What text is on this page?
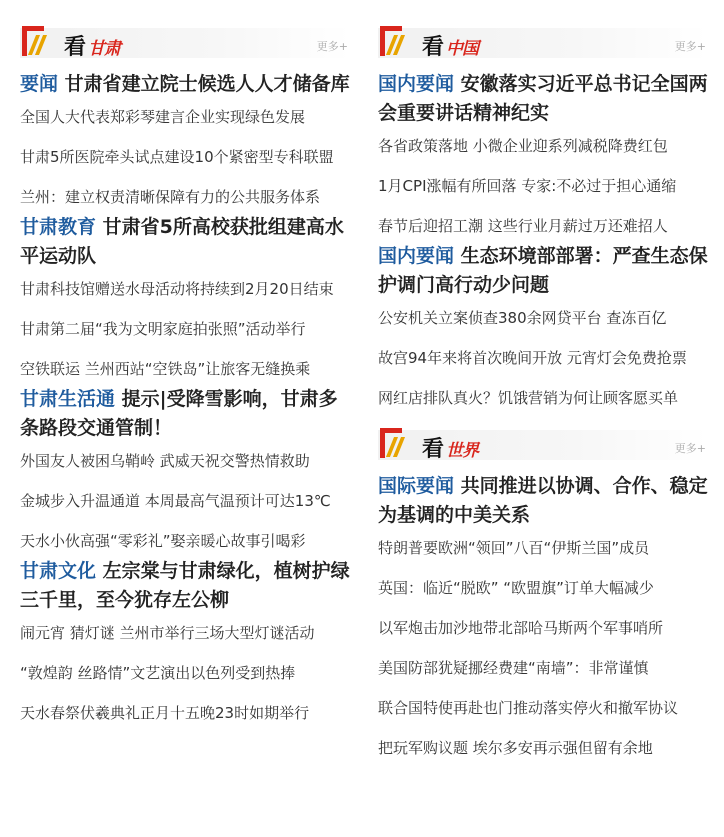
看 甘肃	更多+
要闻 甘肃省建立院士候选人人才储备库
全国人大代表郑彩琴建言企业实现绿色发展
甘肃5所医院牵头试点建设10个紧密型专科联盟
兰州：建立权责清晰保障有力的公共服务体系
甘肃教育 甘肃省5所高校获批组建高水平运动队
甘肃科技馆赠送水母活动将持续到2月20日结束
甘肃第二届“我为文明家庭拍张照”活动举行
空铁联运 兰州西站“空铁岛”让旅客无缝换乘
甘肃生活通 提示|受降雪影响，甘肃多条路段交通管制！
外国友人被困乌鞘岭 武威天祝交警热情救助
金城步入升温通道 本周最高气温预计可达13℃
天水小伙高强“零彩礼”娶亲暖心故事引喝彩
甘肃文化 左宗棠与甘肃绿化，植树护绿三千里，至今犹存左公柳
闹元宵 猜灯谜 兰州市举行三场大型灯谜活动
“敦煌韵 丝路情”文艺演出以色列受到热捧
天水春祭伏羲典礼正月十五晚23时如期举行
看 中国	更多+
国内要闻 安徽落实习近平总书记全国两会重要讲话精神纪实
各省政策落地 小微企业迎系列减税降费红包
1月CPI涨幅有所回落 专家:不必过于担心通缩
春节后迎招工潮 这些行业月薪过万还难招人
国内要闻 生态环境部部署：严查生态保护调门高行动少问题
公安机关立案侦查380余网贷平台 查冻百亿
故宫94年来将首次晚间开放 元宵灯会免费抢票
网红店排队真火？饥饿营销为何让顾客愿买单
看 世界	更多+
国际要闻 共同推进以协调、合作、稳定为基调的中美关系
特朗普要欧洲“领回”八百“伊斯兰国”成员
英国：临近“脱欧” “欧盟旗”订单大幅减少
以军炮击加沙地带北部哈马斯两个军事哨所
美国防部犹疑挪经费建“南墙”：非常谨慎
联合国特使再赴也门推动落实停火和撤军协议
把玩军购议题 埃尔多安再示强但留有余地
